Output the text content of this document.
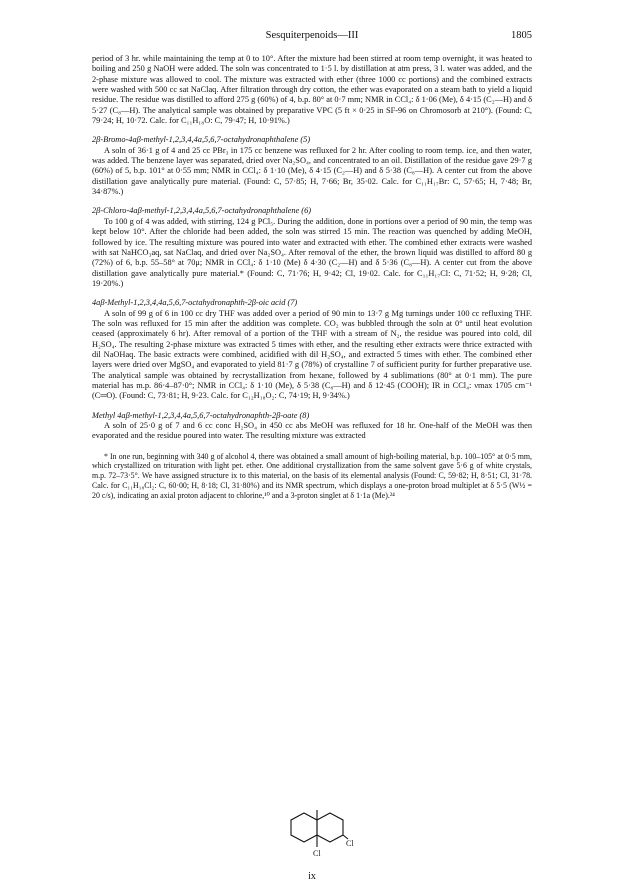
Sesquiterpenoids—III	1805

period of 3 hr. while maintaining the temp at 0 to 10°. After the mixture had been stirred at room temp overnight, it was heated to boiling and 250 g NaOH were added. The soln was concentrated to 1·5 l. by distillation at atm press, 3 l. water was added, and the 2-phase mixture was allowed to cool. The mixture was extracted with ether (three 1000 cc portions) and the combined extracts were washed with 500 cc sat NaClaq. After filtration through dry cotton, the ether was evaporated on a steam bath to yield a liquid residue. The residue was distilled to afford 275 g (60%) of 4, b.p. 80° at 0·7 mm; NMR in CCl₄: δ 1·06 (Me), δ 4·15 (C₂—H) and δ 5·27 (C₈—H). The analytical sample was obtained by preparative VPC (5 ft × 0·25 in SF-96 on Chromosorb at 210°). (Found: C, 79·24; H, 10·72. Calc. for C₁₁H₁₈O: C, 79·47; H, 10·91%.)

2β-Bromo-4aβ-methyl-1,2,3,4,4a,5,6,7-octahydronaphthalene (5)

A soln of 36·1 g of 4 and 25 cc PBr₃ in 175 cc benzene was refluxed for 2 hr. After cooling to room temp. ice, and then water, was added. The benzene layer was separated, dried over Na₂SO₄, and concentrated to an oil. Distillation of the residue gave 29·7 g (60%) of 5, b.p. 101° at 0·55 mm; NMR in CCl₄: δ 1·10 (Me), δ 4·15 (C₂—H) and δ 5·38 (C₈—H). A center cut from the above distillation gave analytically pure material. (Found: C, 57·85; H, 7·66; Br, 35·02. Calc. for C₁₁H₁₇Br: C, 57·65; H, 7·48; Br, 34·87%.)

2β-Chloro-4aβ-methyl-1,2,3,4,4a,5,6,7-octahydronaphthalene (6)

To 100 g of 4 was added, with stirring, 124 g PCl₅. During the addition, done in portions over a period of 90 min, the temp was kept below 10°. After the chloride had been added, the soln was stirred 15 min. The reaction was quenched by adding MeOH, followed by ice. The resulting mixture was poured into water and extracted with ether. The combined ether extracts were washed with sat NaHCO₃aq, sat NaClaq, and dried over Na₂SO₄. After removal of the ether, the brown liquid was distilled to afford 80 g (72%) of 6, b.p. 55–58° at 70μ; NMR in CCl₄: δ 1·10 (Me) δ 4·30 (C₂—H) and δ 5·36 (C₈—H). A center cut from the above distillation gave analytically pure material.* (Found: C, 71·76; H, 9·42; Cl, 19·02. Calc. for C₁₁H₁₇Cl: C, 71·52; H, 9·28; Cl, 19·20%.)

4aβ-Methyl-1,2,3,4,4a,5,6,7-octahydronaphth-2β-oic acid (7)

A soln of 99 g of 6 in 100 cc dry THF was added over a period of 90 min to 13·7 g Mg turnings under 100 cc refluxing THF. The soln was refluxed for 15 min after the addition was complete. CO₂ was bubbled through the soln at 0° until heat evolution ceased (approximately 6 hr). After removal of a portion of the THF with a stream of N₂, the residue was poured into cold, dil H₂SO₄. The resulting 2-phase mixture was extracted 5 times with ether, and the resulting ether extracts were thrice extracted with dil NaOHaq. The basic extracts were combined, acidified with dil H₂SO₄, and extracted 5 times with ether. The combined ether layers were dried over MgSO₄ and evaporated to yield 81·7 g (78%) of crystalline 7 of sufficient purity for further preparative use. The analytical sample was obtained by recrystallization from hexane, followed by 4 sublimations (80° at 0·1 mm). The pure material has m.p. 86·4–87·0°; NMR in CCl₄: δ 1·10 (Me), δ 5·38 (C₈—H) and δ 12·45 (COOH); IR in CCl₄: νmax 1705 cm⁻¹ (C═O). (Found: C, 73·81; H, 9·23. Calc. for C₁₂H₁₈O₂: C, 74·19; H, 9·34%.)

Methyl 4aβ-methyl-1,2,3,4,4a,5,6,7-octahydronaphth-2β-oate (8)

A soln of 25·0 g of 7 and 6 cc conc H₂SO₄ in 450 cc abs MeOH was refluxed for 18 hr. One-half of the MeOH was then evaporated and the residue poured into water. The resulting mixture was extracted

* In one run, beginning with 340 g of alcohol 4, there was obtained a small amount of high-boiling material, b.p. 100–105° at 0·5 mm, which crystallized on trituration with light pet. ether. One additional crystallization from the same solvent gave 5·6 g of white crystals, m.p. 72–73·5°. We have assigned structure ix to this material, on the basis of its elemental analysis (Found: C, 59·82; H, 8·51; Cl, 31·78. Calc. for C₁₁H₁₈Cl₂: C, 60·00; H, 8·18; Cl, 31·80%) and its NMR spectrum, which displays a one-proton broad multiplet at δ 5·5 (W½ = 20 c/s), indicating an axial proton adjacent to chlorine,¹⁰ and a 3-proton singlet at δ 1·1a (Me).²⁴

Cl
Cl
ix
